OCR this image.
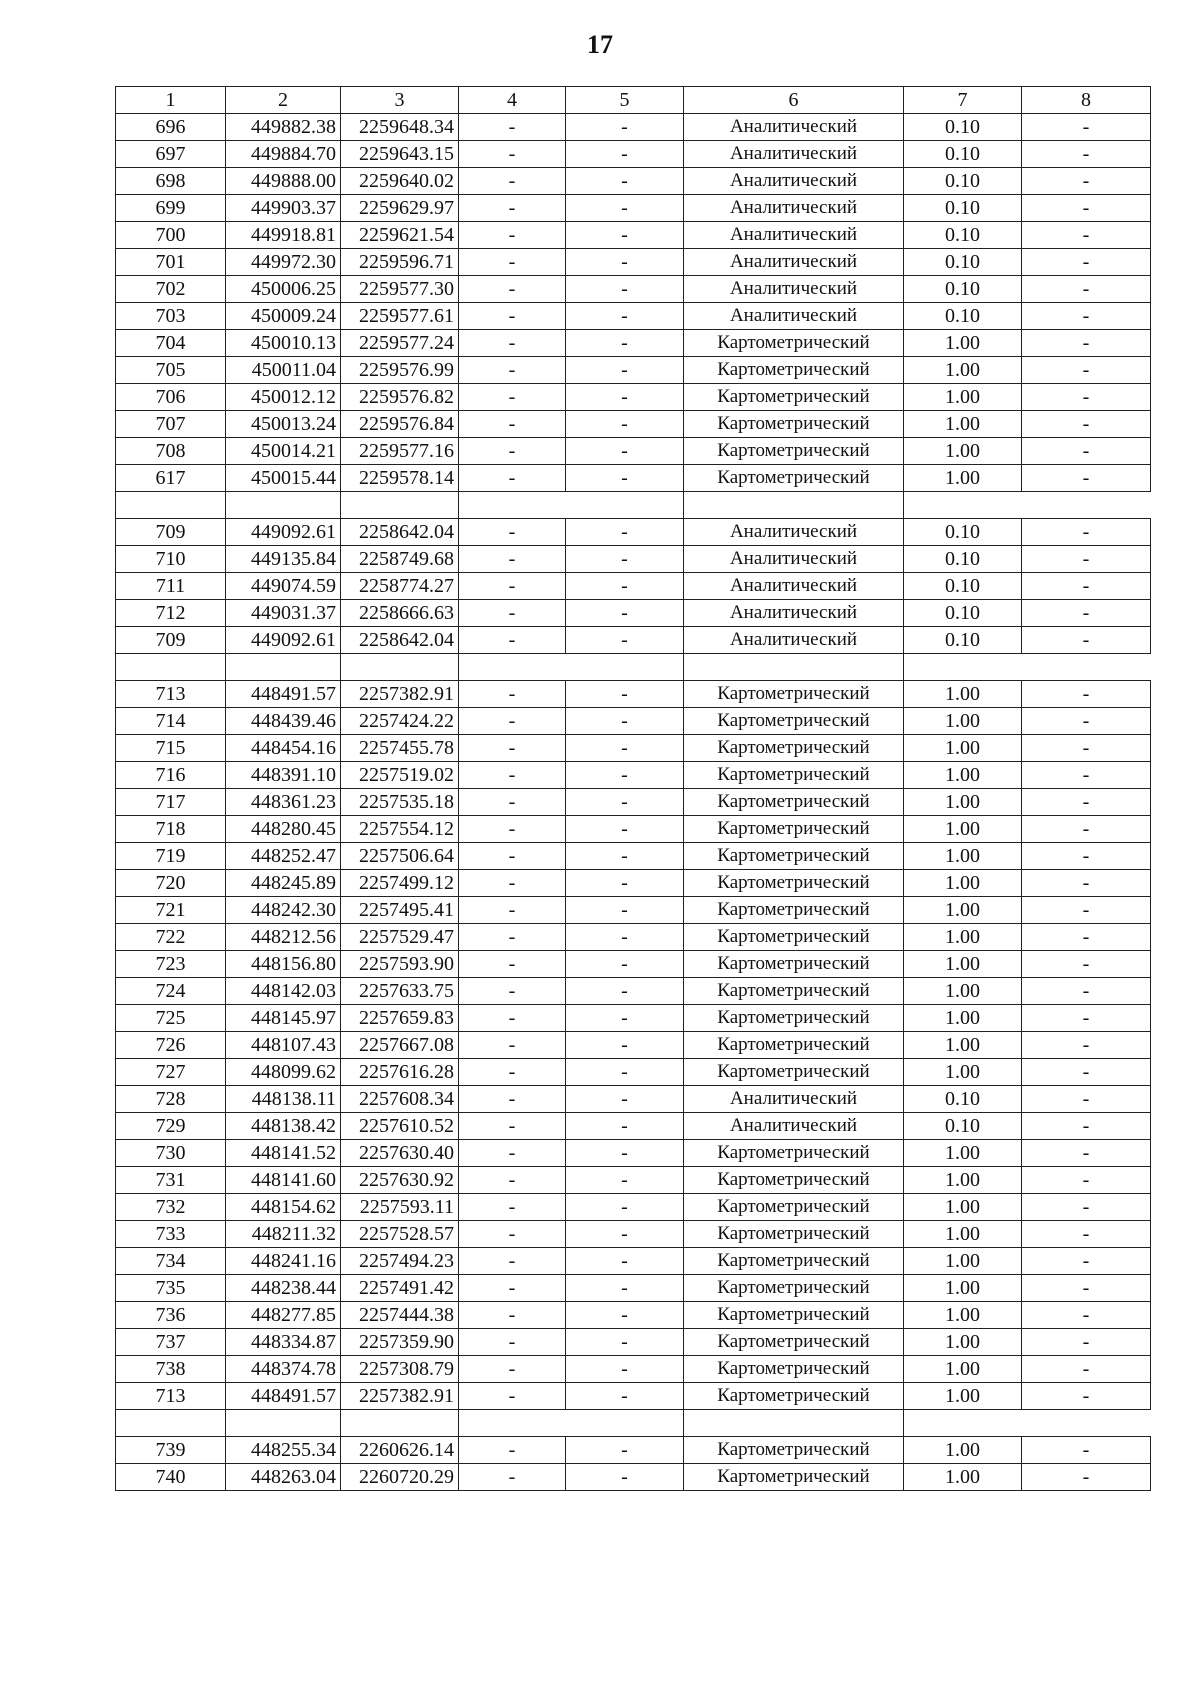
17
1	2	3	4	5	6	7	8
696	449882.38	2259648.34	-	-	Аналитический	0.10	-
697	449884.70	2259643.15	-	-	Аналитический	0.10	-
698	449888.00	2259640.02	-	-	Аналитический	0.10	-
699	449903.37	2259629.97	-	-	Аналитический	0.10	-
700	449918.81	2259621.54	-	-	Аналитический	0.10	-
701	449972.30	2259596.71	-	-	Аналитический	0.10	-
702	450006.25	2259577.30	-	-	Аналитический	0.10	-
703	450009.24	2259577.61	-	-	Аналитический	0.10	-
704	450010.13	2259577.24	-	-	Картометрический	1.00	-
705	450011.04	2259576.99	-	-	Картометрический	1.00	-
706	450012.12	2259576.82	-	-	Картометрический	1.00	-
707	450013.24	2259576.84	-	-	Картометрический	1.00	-
708	450014.21	2259577.16	-	-	Картометрический	1.00	-
617	450015.44	2259578.14	-	-	Картометрический	1.00	-

709	449092.61	2258642.04	-	-	Аналитический	0.10	-
710	449135.84	2258749.68	-	-	Аналитический	0.10	-
711	449074.59	2258774.27	-	-	Аналитический	0.10	-
712	449031.37	2258666.63	-	-	Аналитический	0.10	-
709	449092.61	2258642.04	-	-	Аналитический	0.10	-

713	448491.57	2257382.91	-	-	Картометрический	1.00	-
714	448439.46	2257424.22	-	-	Картометрический	1.00	-
715	448454.16	2257455.78	-	-	Картометрический	1.00	-
716	448391.10	2257519.02	-	-	Картометрический	1.00	-
717	448361.23	2257535.18	-	-	Картометрический	1.00	-
718	448280.45	2257554.12	-	-	Картометрический	1.00	-
719	448252.47	2257506.64	-	-	Картометрический	1.00	-
720	448245.89	2257499.12	-	-	Картометрический	1.00	-
721	448242.30	2257495.41	-	-	Картометрический	1.00	-
722	448212.56	2257529.47	-	-	Картометрический	1.00	-
723	448156.80	2257593.90	-	-	Картометрический	1.00	-
724	448142.03	2257633.75	-	-	Картометрический	1.00	-
725	448145.97	2257659.83	-	-	Картометрический	1.00	-
726	448107.43	2257667.08	-	-	Картометрический	1.00	-
727	448099.62	2257616.28	-	-	Картометрический	1.00	-
728	448138.11	2257608.34	-	-	Аналитический	0.10	-
729	448138.42	2257610.52	-	-	Аналитический	0.10	-
730	448141.52	2257630.40	-	-	Картометрический	1.00	-
731	448141.60	2257630.92	-	-	Картометрический	1.00	-
732	448154.62	2257593.11	-	-	Картометрический	1.00	-
733	448211.32	2257528.57	-	-	Картометрический	1.00	-
734	448241.16	2257494.23	-	-	Картометрический	1.00	-
735	448238.44	2257491.42	-	-	Картометрический	1.00	-
736	448277.85	2257444.38	-	-	Картометрический	1.00	-
737	448334.87	2257359.90	-	-	Картометрический	1.00	-
738	448374.78	2257308.79	-	-	Картометрический	1.00	-
713	448491.57	2257382.91	-	-	Картометрический	1.00	-

739	448255.34	2260626.14	-	-	Картометрический	1.00	-
740	448263.04	2260720.29	-	-	Картометрический	1.00	-
